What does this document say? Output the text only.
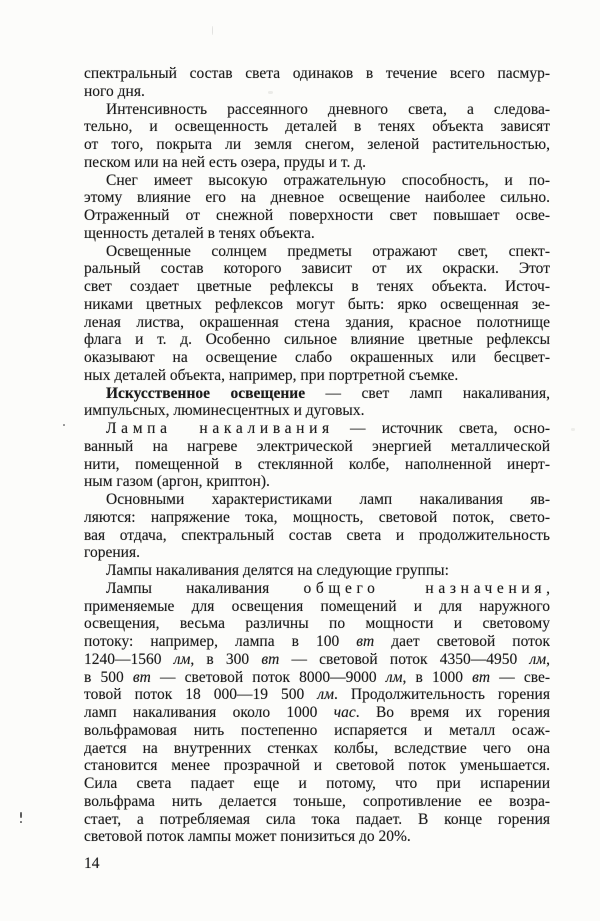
спектральный состав света одинаков в течение всего пасмур-
ного дня.
Интенсивность рассеянного дневного света, а следова-
тельно, и освещенность деталей в тенях объекта зависят
от того, покрыта ли земля снегом, зеленой растительностью,
песком или на ней есть озера, пруды и т. д.
Снег имеет высокую отражательную способность, и по-
этому влияние его на дневное освещение наиболее сильно.
Отраженный от снежной поверхности свет повышает осве-
щенность деталей в тенях объекта.
Освещенные солнцем предметы отражают свет, спект-
ральный состав которого зависит от их окраски. Этот
свет создает цветные рефлексы в тенях объекта. Источ-
никами цветных рефлексов могут быть: ярко освещенная зе-
леная листва, окрашенная стена здания, красное полотнище
флага и т. д. Особенно сильное влияние цветные рефлексы
оказывают на освещение слабо окрашенных или бесцвет-
ных деталей объекта, например, при портретной съемке.
Искусственное освещение — свет ламп накаливания,
импульсных, люминесцентных и дуговых.
Лампа накаливания — источник света, осно-
ванный на нагреве электрической энергией металлической
нити, помещенной в стеклянной колбе, наполненной инерт-
ным газом (аргон, криптон).
Основными характеристиками ламп накаливания яв-
ляются: напряжение тока, мощность, световой поток, свето-
вая отдача, спектральный состав света и продолжительность
горения.
Лампы накаливания делятся на следующие группы:
Лампы накаливания общего назначения,
применяемые для освещения помещений и для наружного
освещения, весьма различны по мощности и световому
потоку: например, лампа в 100 вт дает световой поток
1240—1560 лм, в 300 вт — световой поток 4350—4950 лм,
в 500 вт — световой поток 8000—9000 лм, в 1000 вт — све-
товой поток 18 000—19 500 лм. Продолжительность горения
ламп накаливания около 1000 час. Во время их горения
вольфрамовая нить постепенно испаряется и металл осаж-
дается на внутренних стенках колбы, вследствие чего она
становится менее прозрачной и световой поток уменьшается.
Сила света падает еще и потому, что при испарении
вольфрама нить делается тоньше, сопротивление ее возра-
стает, а потребляемая сила тока падает. В конце горения
световой поток лампы может понизиться до 20%.
14
